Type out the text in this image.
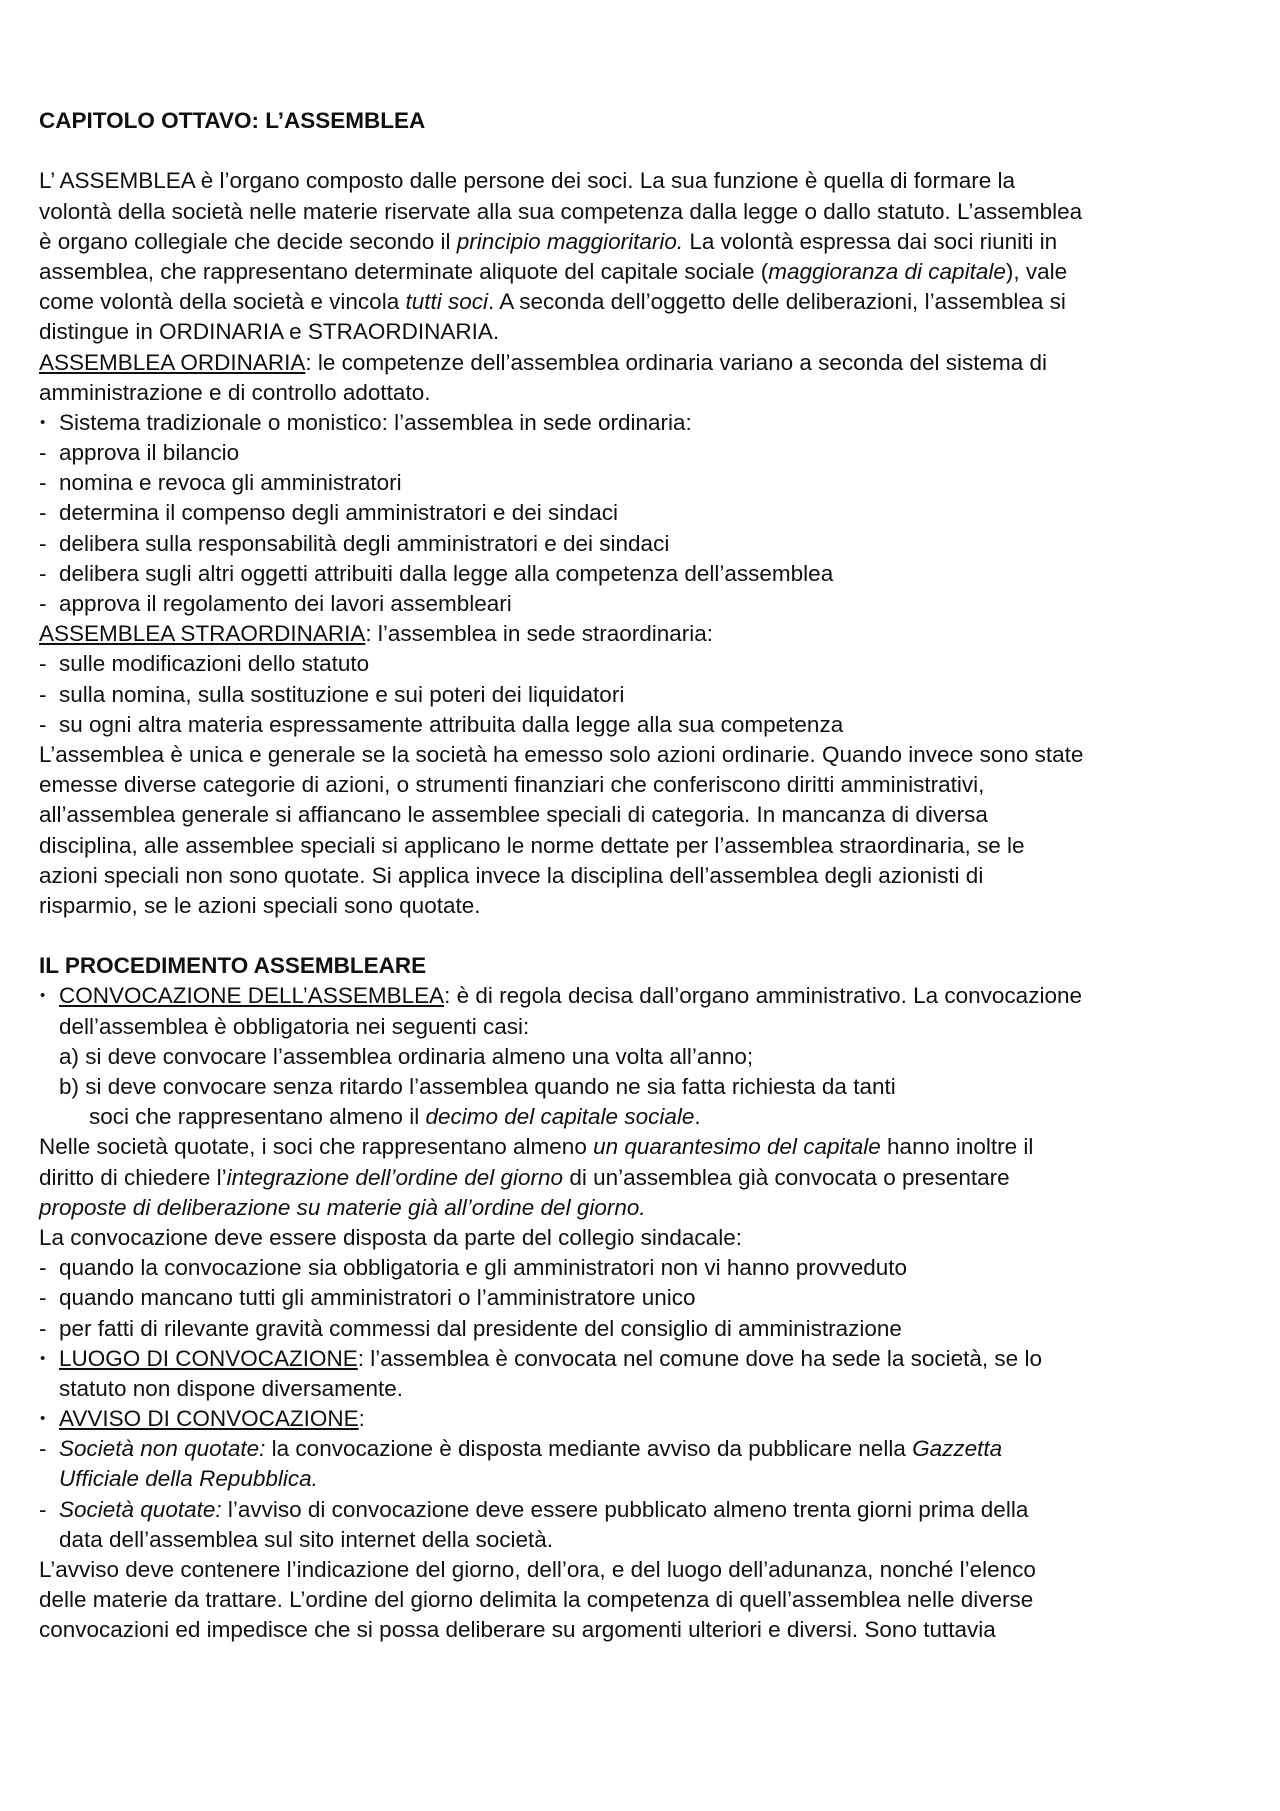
CAPITOLO OTTAVO: L’ASSEMBLEA
L’ ASSEMBLEA è l’organo composto dalle persone dei soci. La sua funzione è quella di formare la
volontà della società nelle materie riservate alla sua competenza dalla legge o dallo statuto. L’assemblea
è organo collegiale che decide secondo il principio maggioritario. La volontà espressa dai soci riuniti in
assemblea, che rappresentano determinate aliquote del capitale sociale (maggioranza di capitale), vale
come volontà della società e vincola tutti soci. A seconda dell’oggetto delle deliberazioni, l’assemblea si
distingue in ORDINARIA e STRAORDINARIA.
ASSEMBLEA ORDINARIA: le competenze dell’assemblea ordinaria variano a seconda del sistema di
amministrazione e di controllo adottato.
• Sistema tradizionale o monistico: l’assemblea in sede ordinaria:
- approva il bilancio
- nomina e revoca gli amministratori
- determina il compenso degli amministratori e dei sindaci
- delibera sulla responsabilità degli amministratori e dei sindaci
- delibera sugli altri oggetti attribuiti dalla legge alla competenza dell’assemblea
- approva il regolamento dei lavori assembleari
ASSEMBLEA STRAORDINARIA: l’assemblea in sede straordinaria:
- sulle modificazioni dello statuto
- sulla nomina, sulla sostituzione e sui poteri dei liquidatori
- su ogni altra materia espressamente attribuita dalla legge alla sua competenza
L’assemblea è unica e generale se la società ha emesso solo azioni ordinarie. Quando invece sono state
emesse diverse categorie di azioni, o strumenti finanziari che conferiscono diritti amministrativi,
all’assemblea generale si affiancano le assemblee speciali di categoria. In mancanza di diversa
disciplina, alle assemblee speciali si applicano le norme dettate per l’assemblea straordinaria, se le
azioni speciali non sono quotate. Si applica invece la disciplina dell’assemblea degli azionisti di
risparmio, se le azioni speciali sono quotate.
IL PROCEDIMENTO ASSEMBLEARE
• CONVOCAZIONE DELL’ASSEMBLEA: è di regola decisa dall’organo amministrativo. La convocazione
dell’assemblea è obbligatoria nei seguenti casi:
a) si deve convocare l’assemblea ordinaria almeno una volta all’anno;
b) si deve convocare senza ritardo l’assemblea quando ne sia fatta richiesta da tanti
soci che rappresentano almeno il decimo del capitale sociale.
Nelle società quotate, i soci che rappresentano almeno un quarantesimo del capitale hanno inoltre il
diritto di chiedere l’integrazione dell’ordine del giorno di un’assemblea già convocata o presentare
proposte di deliberazione su materie già all’ordine del giorno.
La convocazione deve essere disposta da parte del collegio sindacale:
- quando la convocazione sia obbligatoria e gli amministratori non vi hanno provveduto
- quando mancano tutti gli amministratori o l’amministratore unico
- per fatti di rilevante gravità commessi dal presidente del consiglio di amministrazione
• LUOGO DI CONVOCAZIONE: l’assemblea è convocata nel comune dove ha sede la società, se lo
statuto non dispone diversamente.
• AVVISO DI CONVOCAZIONE:
- Società non quotate: la convocazione è disposta mediante avviso da pubblicare nella Gazzetta
Ufficiale della Repubblica.
- Società quotate: l’avviso di convocazione deve essere pubblicato almeno trenta giorni prima della
data dell’assemblea sul sito internet della società.
L’avviso deve contenere l’indicazione del giorno, dell’ora, e del luogo dell’adunanza, nonché l’elenco
delle materie da trattare. L’ordine del giorno delimita la competenza di quell’assemblea nelle diverse
convocazioni ed impedisce che si possa deliberare su argomenti ulteriori e diversi. Sono tuttavia
